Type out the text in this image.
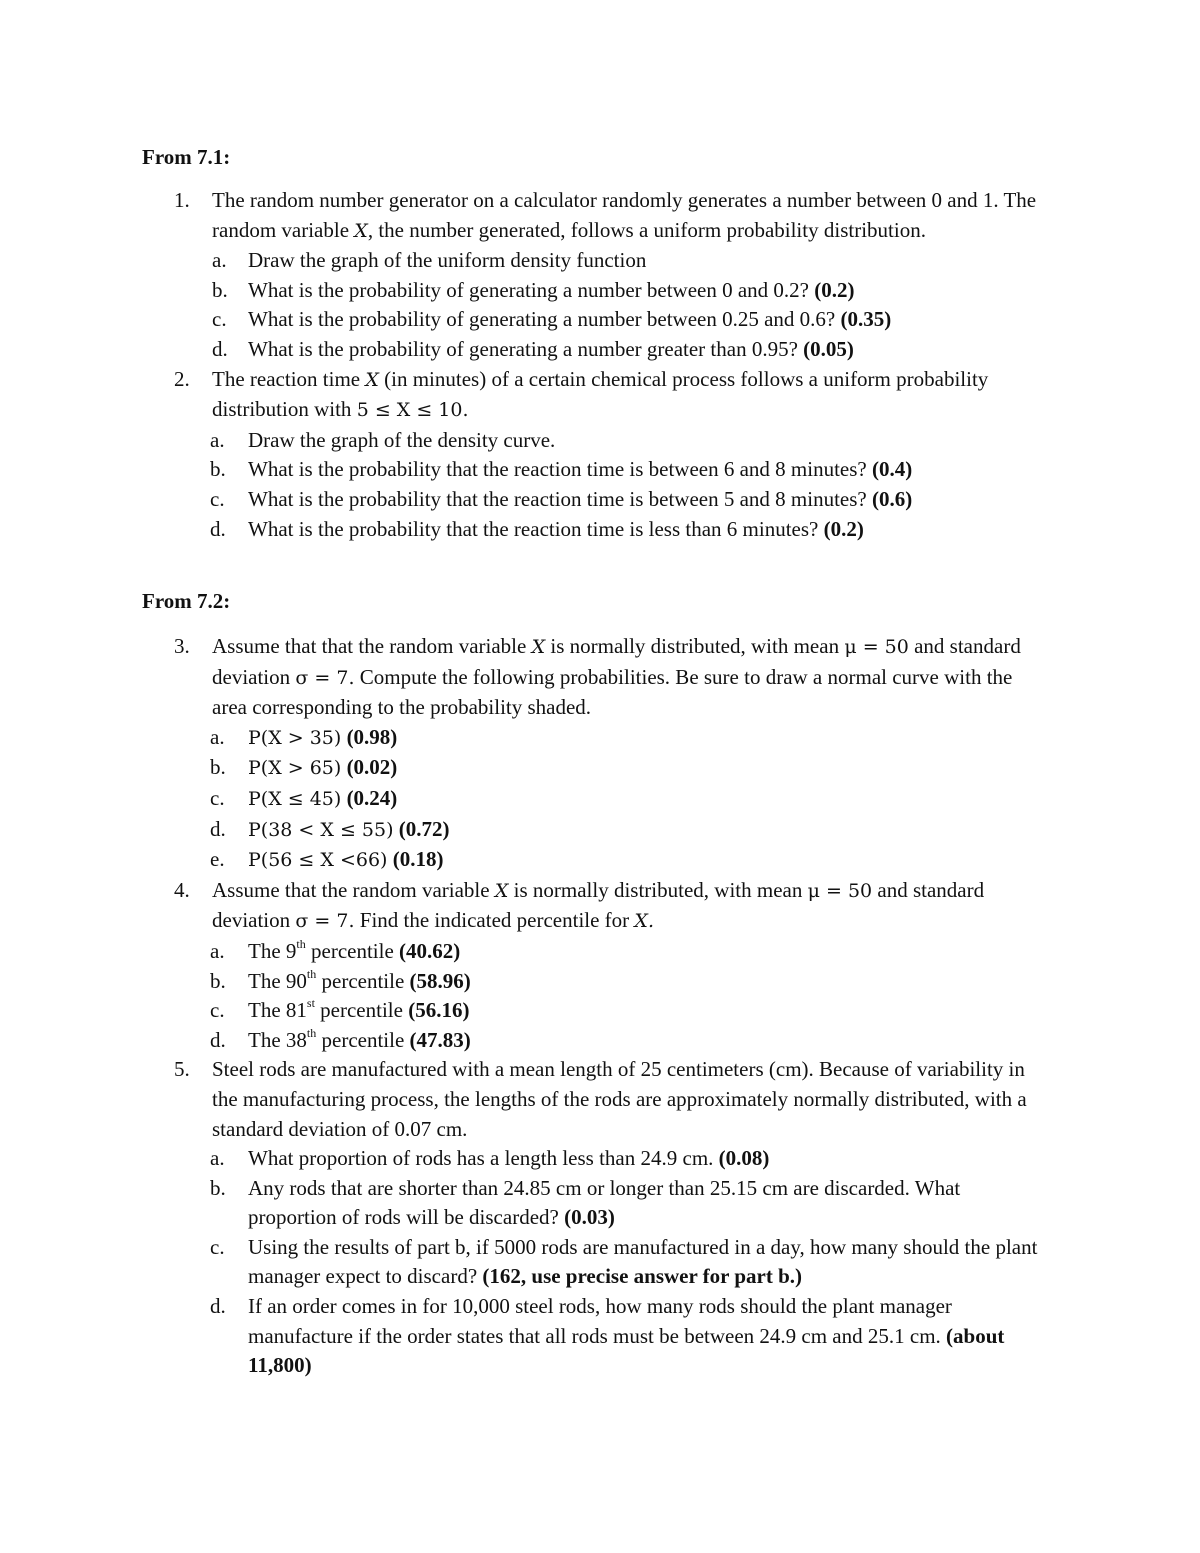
From 7.1:
1. The random number generator on a calculator randomly generates a number between 0 and 1. The random variable X, the number generated, follows a uniform probability distribution.
a. Draw the graph of the uniform density function
b. What is the probability of generating a number between 0 and 0.2? (0.2)
c. What is the probability of generating a number between 0.25 and 0.6? (0.35)
d. What is the probability of generating a number greater than 0.95? (0.05)
2. The reaction time X (in minutes) of a certain chemical process follows a uniform probability distribution with 5 ≤ X ≤ 10.
a. Draw the graph of the density curve.
b. What is the probability that the reaction time is between 6 and 8 minutes? (0.4)
c. What is the probability that the reaction time is between 5 and 8 minutes? (0.6)
d. What is the probability that the reaction time is less than 6 minutes? (0.2)
From 7.2:
3. Assume that that the random variable X is normally distributed, with mean μ = 50 and standard deviation σ = 7. Compute the following probabilities. Be sure to draw a normal curve with the area corresponding to the probability shaded.
a. P(X > 35) (0.98)
b. P(X > 65) (0.02)
c. P(X ≤ 45) (0.24)
d. P(38 < X ≤ 55) (0.72)
e. P(56 ≤ X <66) (0.18)
4. Assume that the random variable X is normally distributed, with mean μ = 50 and standard deviation σ = 7. Find the indicated percentile for X.
a. The 9th percentile (40.62)
b. The 90th percentile (58.96)
c. The 81st percentile (56.16)
d. The 38th percentile (47.83)
5. Steel rods are manufactured with a mean length of 25 centimeters (cm). Because of variability in the manufacturing process, the lengths of the rods are approximately normally distributed, with a standard deviation of 0.07 cm.
a. What proportion of rods has a length less than 24.9 cm. (0.08)
b. Any rods that are shorter than 24.85 cm or longer than 25.15 cm are discarded. What proportion of rods will be discarded? (0.03)
c. Using the results of part b, if 5000 rods are manufactured in a day, how many should the plant manager expect to discard? (162, use precise answer for part b.)
d. If an order comes in for 10,000 steel rods, how many rods should the plant manager manufacture if the order states that all rods must be between 24.9 cm and 25.1 cm. (about 11,800)
